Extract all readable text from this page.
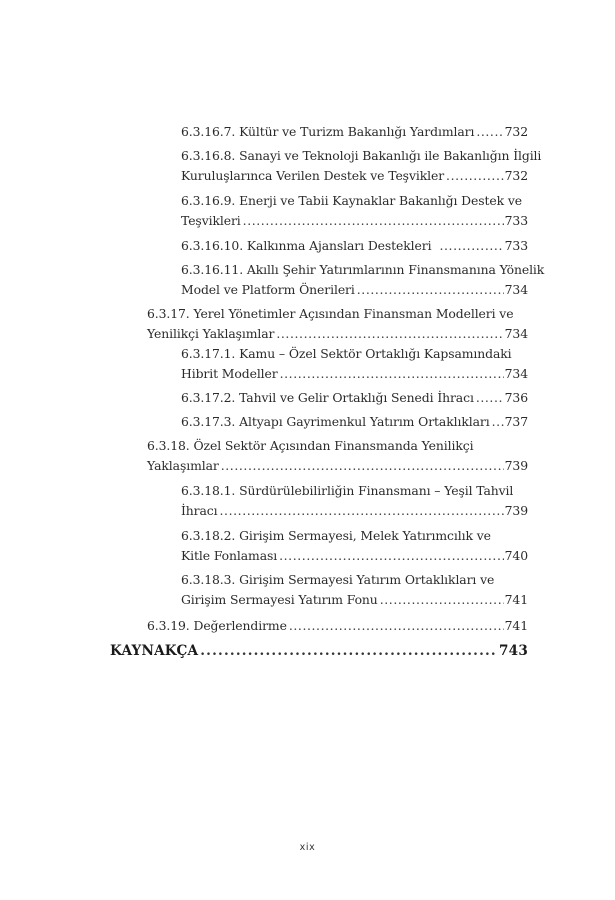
6.3.16.7. Kültür ve Turizm Bakanlığı Yardımları ..... 732
6.3.16.8. Sanayi ve Teknoloji Bakanlığı ile Bakanlığın İlgili
Kuruluşlarınca Verilen Destek ve Teşvikler .....	732
6.3.16.9. Enerji ve Tabii Kaynaklar Bakanlığı Destek ve
Teşvikleri .....	733
6.3.16.10. Kalkınma Ajansları Destekleri .....	733
6.3.16.11. Akıllı Şehir Yatırımlarının Finansmanına Yönelik
Model ve Platform Önerileri .....	734
6.3.17. Yerel Yönetimler Açısından Finansman Modelleri ve
Yenilikçi Yaklaşımlar .....	734
6.3.17.1. Kamu – Özel Sektör Ortaklığı Kapsamındaki
Hibrit Modeller .....	734
6.3.17.2. Tahvil ve Gelir Ortaklığı Senedi İhracı ..... 736
6.3.17.3. Altyapı Gayrimenkul Yatırım Ortaklıkları ..... 737
6.3.18. Özel Sektör Açısından Finansmanda Yenilikçi
Yaklaşımlar .....	739
6.3.18.1. Sürdürülebilirliğin Finansmanı – Yeşil Tahvil
İhracı .....	739
6.3.18.2. Girişim Sermayesi, Melek Yatırımcılık ve
Kitle Fonlaması .....	740
6.3.18.3. Girişim Sermayesi Yatırım Ortaklıkları ve
Girişim Sermayesi Yatırım Fonu .....	741
6.3.19. Değerlendirme .....	741
KAYNAKÇA .....	743
xix
